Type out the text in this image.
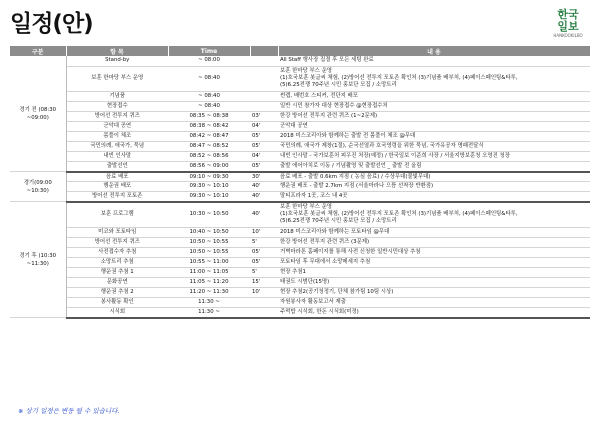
일정(안)	한국
일보
HANKOOKILBO
구분	항 목	Time		내 용
경기 전 (08:30 ~09:00)	Stand-by	~ 08:00		All Staff 행사장 집결 후 모든 세팅 완료

	보훈 한마당 부스 운영	~ 08:40		보훈 한마당 부스 운영
(1)호국보훈 봇글씨 체험, (2)방어선 전투지 포토존 확인처 (3)기념품 배부처, (4)페이스페인팅&타투,
(5)6.25전쟁 70주년 시민 홍보단 모집 / 소망트리

	기념품	~ 08:40		썬캡, 배번호 스티커, 전단지 배포

	현장접수	~ 08:40		일반 시민 참가자 대상 현장접수 @현장접수처

	방어선 전투지 퀴즈	08:35 ~ 08:38	03'	한강 방어선 전투지 관련 퀴즈 (1~2문제)

	군악대 공연	08:38 ~ 08:42	04'	군악대 공연

	몸풀이 체조	08:42 ~ 08:47	05'	2018 미스코리아와 함께하는 출발 전 몸풀이 체조 @무대

	국민의례, 애국가, 묵념	08:47 ~ 08:52	05'	국민의례, 애국가 제창(1절), 순국선열과 호국영령을 위한 묵념, 국가유공자 명패전달식

	내빈 인사말	08:52 ~ 08:56	04'	내빈 인사말 - 국가보훈처 피우진 처장(예정) / 한국일보 이준희 사장 / 서울지방보훈청 오영진 청장

	출발선언	08:56 ~ 09:00	05'	출발 에어아치로 이동 / 기념촬영 및 출발선언 _ 출발 전 올림

경기(09:00 ~10:30)	음료 배포	09:10 ~ 09:30	30'	음료 배포 - 출발 0.6km 지점 ( 농심 음료) / 수상무대(물빛무대)

	행운권 배포	09:30 ~ 10:10	40'	행운권 배포 - 출발 2.7km 지점 (서울마라나 으뜸 선착장 반환점)

	방어선 전투지 포토존	09:30 ~ 10:10	40'	말티프라자 1곳, 코스 내 4곳

경기 후 (10:30 ~11:30)	보훈 프로그램	10:30 ~ 10:50	40'	보훈 한마당 부스 운영
(1)호국보훈 봇글씨 체험, (2)방어선 전투지 포토존 확인처 (3)기념품 배부처, (4)페이스페인팅&타투,
(5)6.25전쟁 70주년 시민 홍보단 모집 / 소망트리

	미코와 포토타임	10:40 ~ 10:50	10'	2018 미스코리아와 함께하는 포토타임 @무대

	방어선 전투지 퀴즈	10:50 ~ 10:55	5'	한강 방어선 전투지 관련 퀴즈 (3문제)

	사전접수자 추첨	10:50 ~ 10:55	05'	거벽마라톤 홈페이지를 통해 사전 신청한 일반시민대상 추첨

	소망트리 추첨	10:55 ~ 11:00	05'	포토타임 후 무대에서 소망메세지 추첨

	행운권 추첨 1	11:00 ~ 11:05	5'	현장 추첨1

	문화공연	11:05 ~ 11:20	15'	태권도 시범단(15명)

	행운권 추첨 2	11:20 ~ 11:30	10'	현장 추첨2(공기청정기, 단체 참가팀 10팀 시상)

	봉사활동 확인	11:30 ~		자원봉사자 활동보고서 제출

	시식회	11:30 ~		주먹밥 시식회, 한돈 시식회(미정)
※ 상기 일정은 변동 될 수 있습니다.
